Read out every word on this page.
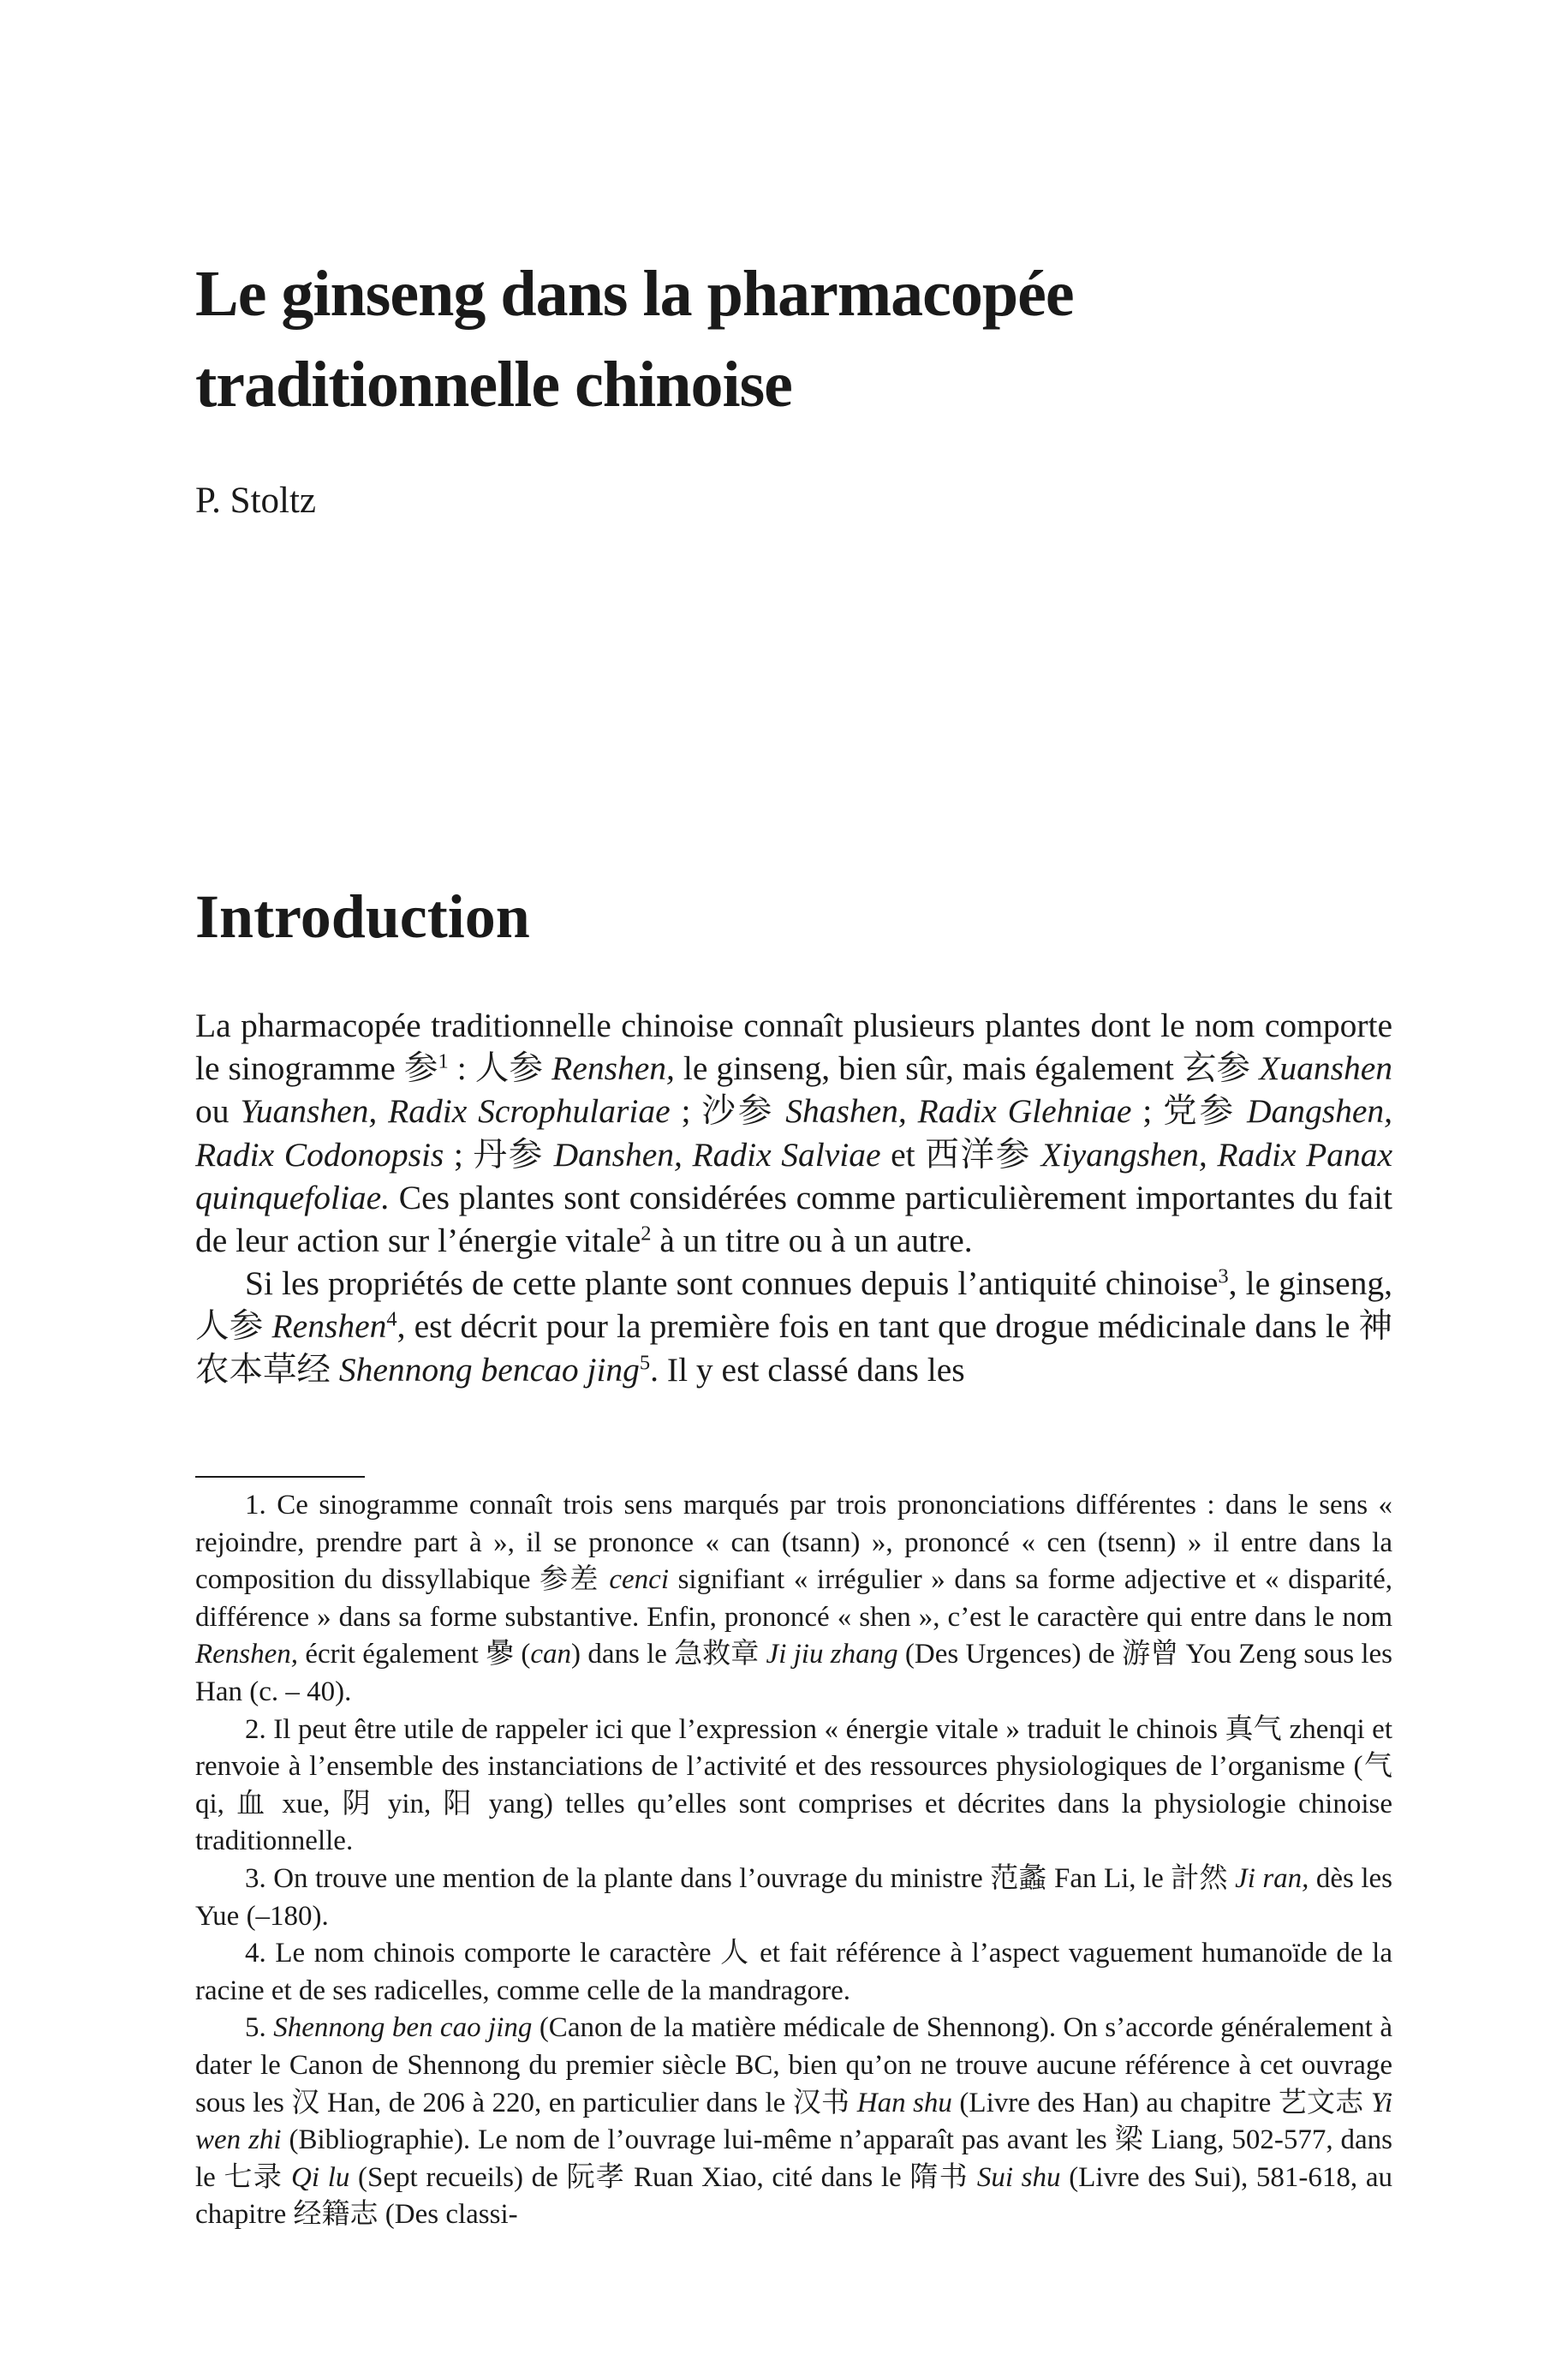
Le ginseng dans la pharmacopée
traditionnelle chinoise

P. Stoltz

Introduction

La pharmacopée traditionnelle chinoise connaît plusieurs plantes dont le nom comporte le sinogramme 参$^1$ : 人参 Renshen, le ginseng, bien sûr, mais également 玄参 Xuanshen ou Yuanshen, Radix Scrophulariae ; 沙参 Shashen, Radix Glehniae ; 党参 Dangshen, Radix Codonopsis ; 丹参 Danshen, Radix Salviae et 西洋参 Xiyangshen, Radix Panax quinquefoliae. Ces plantes sont considérées comme particulièrement importantes du fait de leur action sur l’énergie vitale$^2$ à un titre ou à un autre.

Si les propriétés de cette plante sont connues depuis l’antiquité chinoise$^3$, le ginseng, 人参 Renshen$^4$, est décrit pour la première fois en tant que drogue médicinale dans le 神农本草经 Shennong bencao jing$^5$. Il y est classé dans les

1. Ce sinogramme connaît trois sens marqués par trois prononciations différentes : dans le sens « rejoindre, prendre part à », il se prononce « can (tsann) », prononcé « cen (tsenn) » il entre dans la composition du dissyllabique 参差 cenci signifiant « irrégulier » dans sa forme adjective et « disparité, différence » dans sa forme substantive. Enfin, prononcé « shen », c’est le caractère qui entre dans le nom Renshen, écrit également 曑 (can) dans le 急救章 Ji jiu zhang (Des Urgences) de 游曾 You Zeng sous les Han (c. – 40).

2. Il peut être utile de rappeler ici que l’expression « énergie vitale » traduit le chinois 真气 zhenqi et renvoie à l’ensemble des instanciations de l’activité et des ressources physiologiques de l’organisme (气 qi, 血 xue, 阴 yin, 阳 yang) telles qu’elles sont comprises et décrites dans la physiologie chinoise traditionnelle.

3. On trouve une mention de la plante dans l’ouvrage du ministre 范蠡 Fan Li, le 計然 Ji ran, dès les Yue (–180).

4. Le nom chinois comporte le caractère 人 et fait référence à l’aspect vaguement humanoïde de la racine et de ses radicelles, comme celle de la mandragore.

5. Shennong ben cao jing (Canon de la matière médicale de Shennong). On s’accorde généralement à dater le Canon de Shennong du premier siècle BC, bien qu’on ne trouve aucune référence à cet ouvrage sous les 汉 Han, de 206 à 220, en particulier dans le 汉书 Han shu (Livre des Han) au chapitre 艺文志 Yi wen zhi (Bibliographie). Le nom de l’ouvrage lui-même n’apparaît pas avant les 梁 Liang, 502-577, dans le 七录 Qi lu (Sept recueils) de 阮孝 Ruan Xiao, cité dans le 隋书 Sui shu (Livre des Sui), 581-618, au chapitre 经籍志 (Des classi-
